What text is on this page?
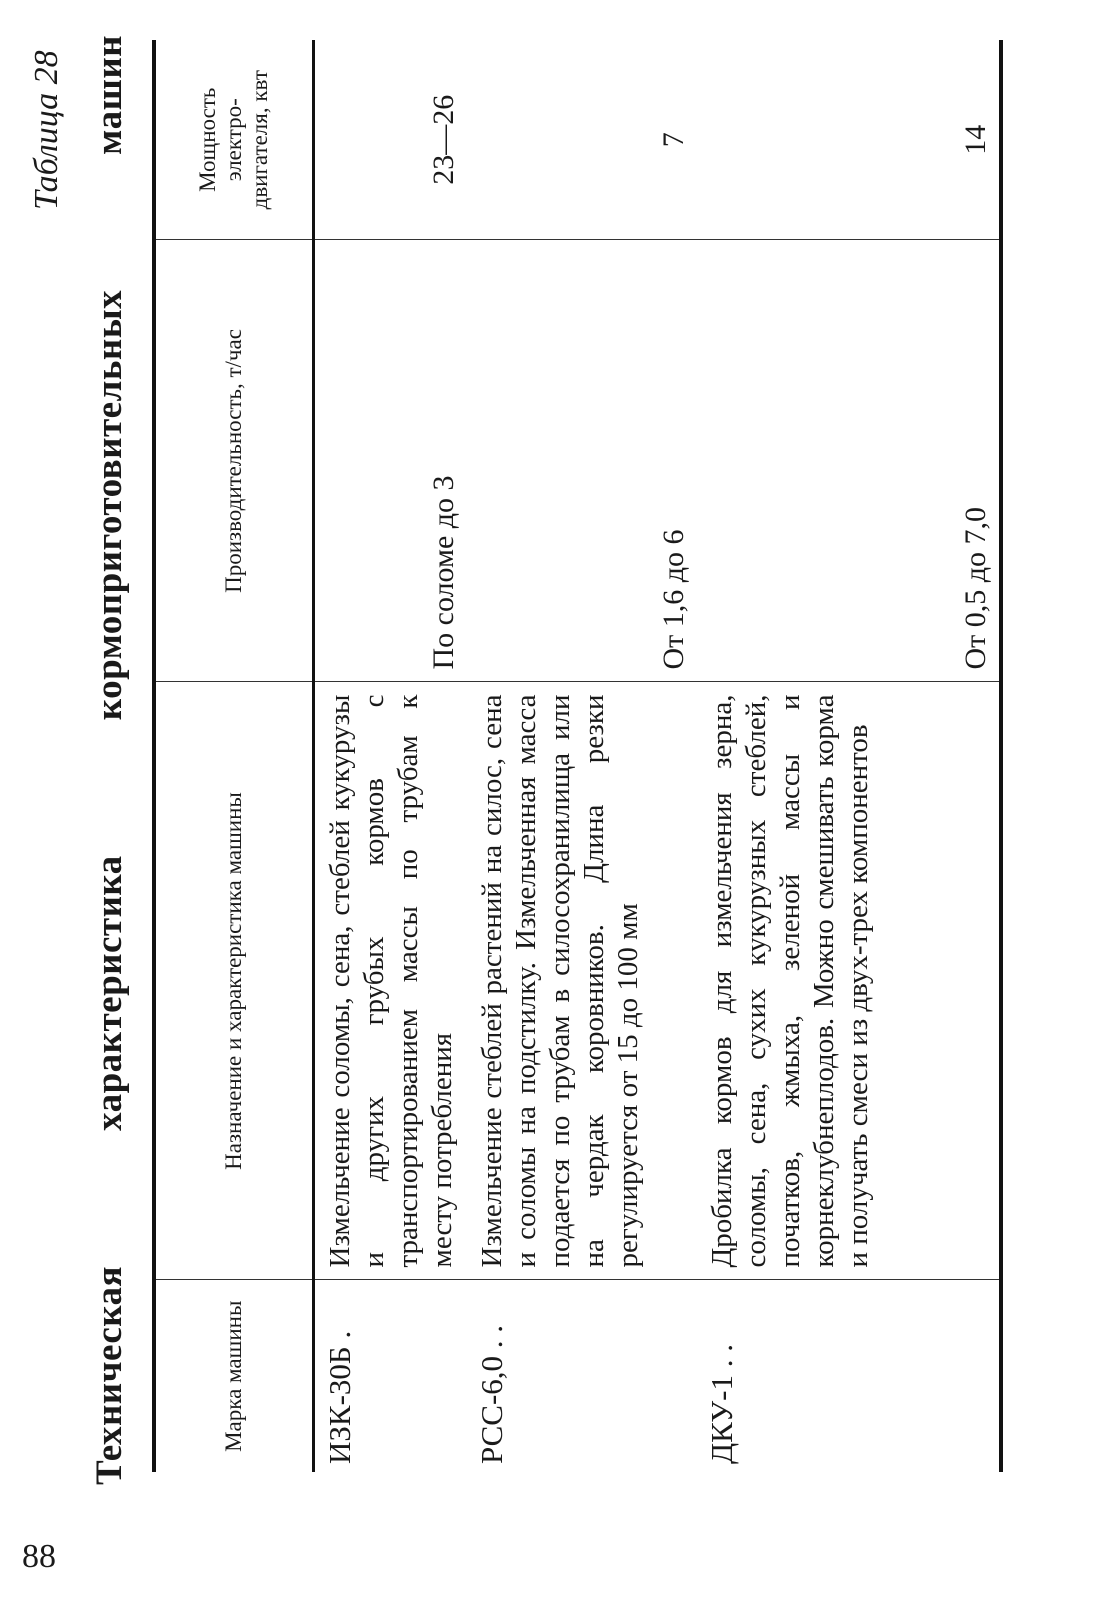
88
Таблица 28
Техническая
характеристика
кормоприготовительных
машин
Марка машины	Назначение и характеристика машины	Производительность, т/час	Мощность электро- двигателя, квт
ИЗК-30Б .	Измельчение соломы, сена, стеблей кукурузы и других грубых кормов с транспортированием массы по трубам к месту потребления	По соломе до 3	23—26
РСС-6,0 . .	Измельчение стеблей растений на силос, сена и соломы на подстилку. Измельченная масса подается по трубам в силосохранилища или на чердак коровников. Длина резки регулируется от 15 до 100 мм	От 1,6 до 6	7
ДКУ-1 . .	Дробилка кормов для измельчения зерна, соломы, сена, сухих кукурузных стеблей, початков, жмыха, зеленой массы и корнеклубнеплодов. Можно смешивать корма и получать смеси из двух-трех компонентов	От 0,5 до 7,0	14
